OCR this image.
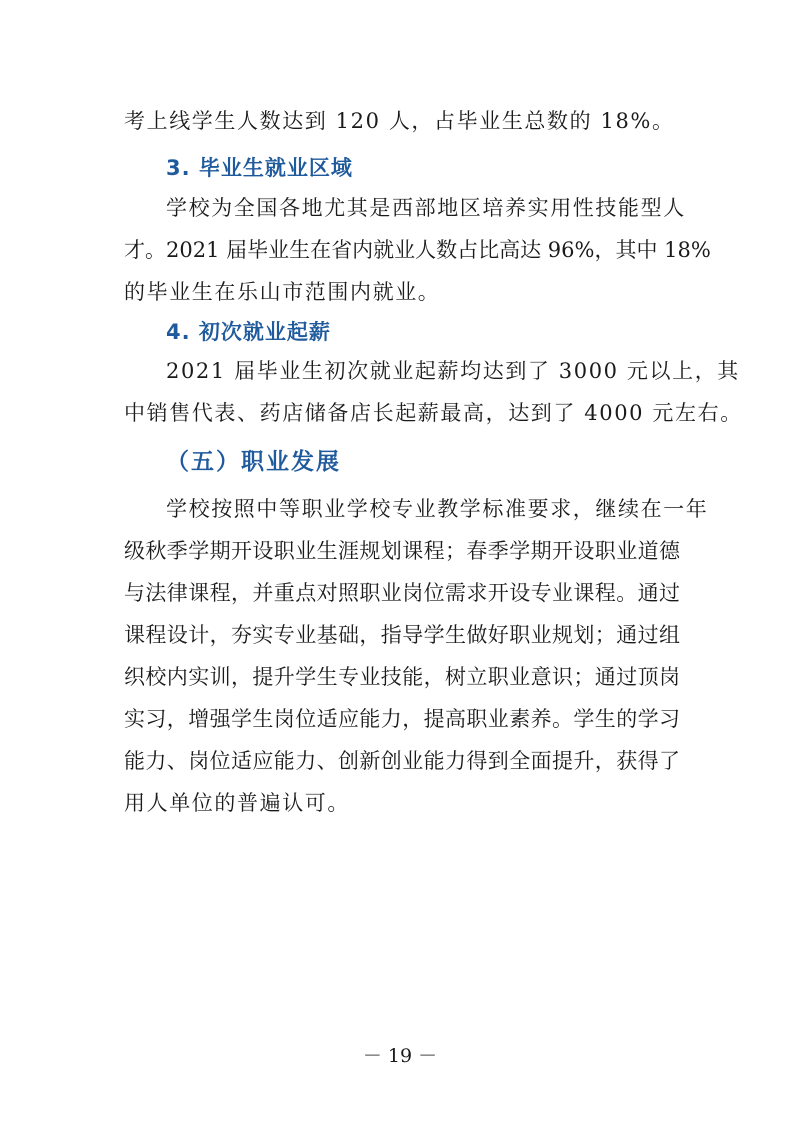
考上线学生人数达到 120 人，占毕业生总数的 18%。

3. 毕业生就业区域

学校为全国各地尤其是西部地区培养实用性技能型人

才。2021 届毕业生在省内就业人数占比高达 96%，其中 18%

的毕业生在乐山市范围内就业。

4. 初次就业起薪

2021 届毕业生初次就业起薪均达到了 3000 元以上，其

中销售代表、药店储备店长起薪最高，达到了 4000 元左右。

（五）职业发展

学校按照中等职业学校专业教学标准要求，继续在一年

级秋季学期开设职业生涯规划课程；春季学期开设职业道德

与法律课程，并重点对照职业岗位需求开设专业课程。通过

课程设计，夯实专业基础，指导学生做好职业规划；通过组

织校内实训，提升学生专业技能，树立职业意识；通过顶岗

实习，增强学生岗位适应能力，提高职业素养。学生的学习

能力、岗位适应能力、创新创业能力得到全面提升，获得了

用人单位的普遍认可。

－ 19 －
